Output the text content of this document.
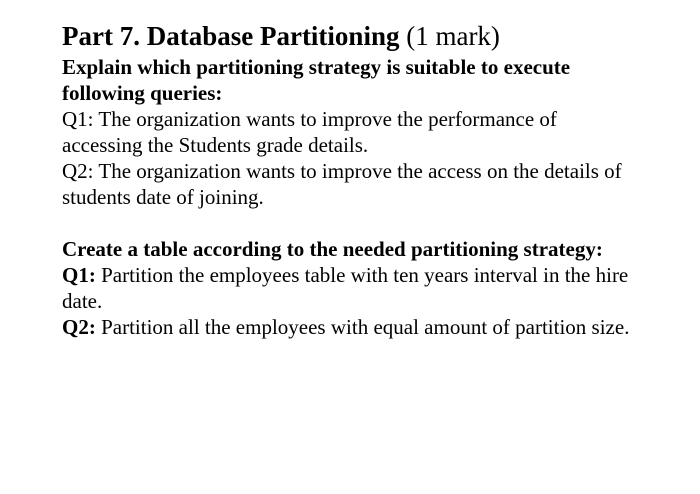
Part 7. Database Partitioning (1 mark)

Explain which partitioning strategy is suitable to execute following queries:

Q1: The organization wants to improve the performance of accessing the Students grade details.

Q2: The organization wants to improve the access on the details of students date of joining.

Create a table according to the needed partitioning strategy:

Q1: Partition the employees table with ten years interval in the hire date.

Q2: Partition all the employees with equal amount of partition size.
